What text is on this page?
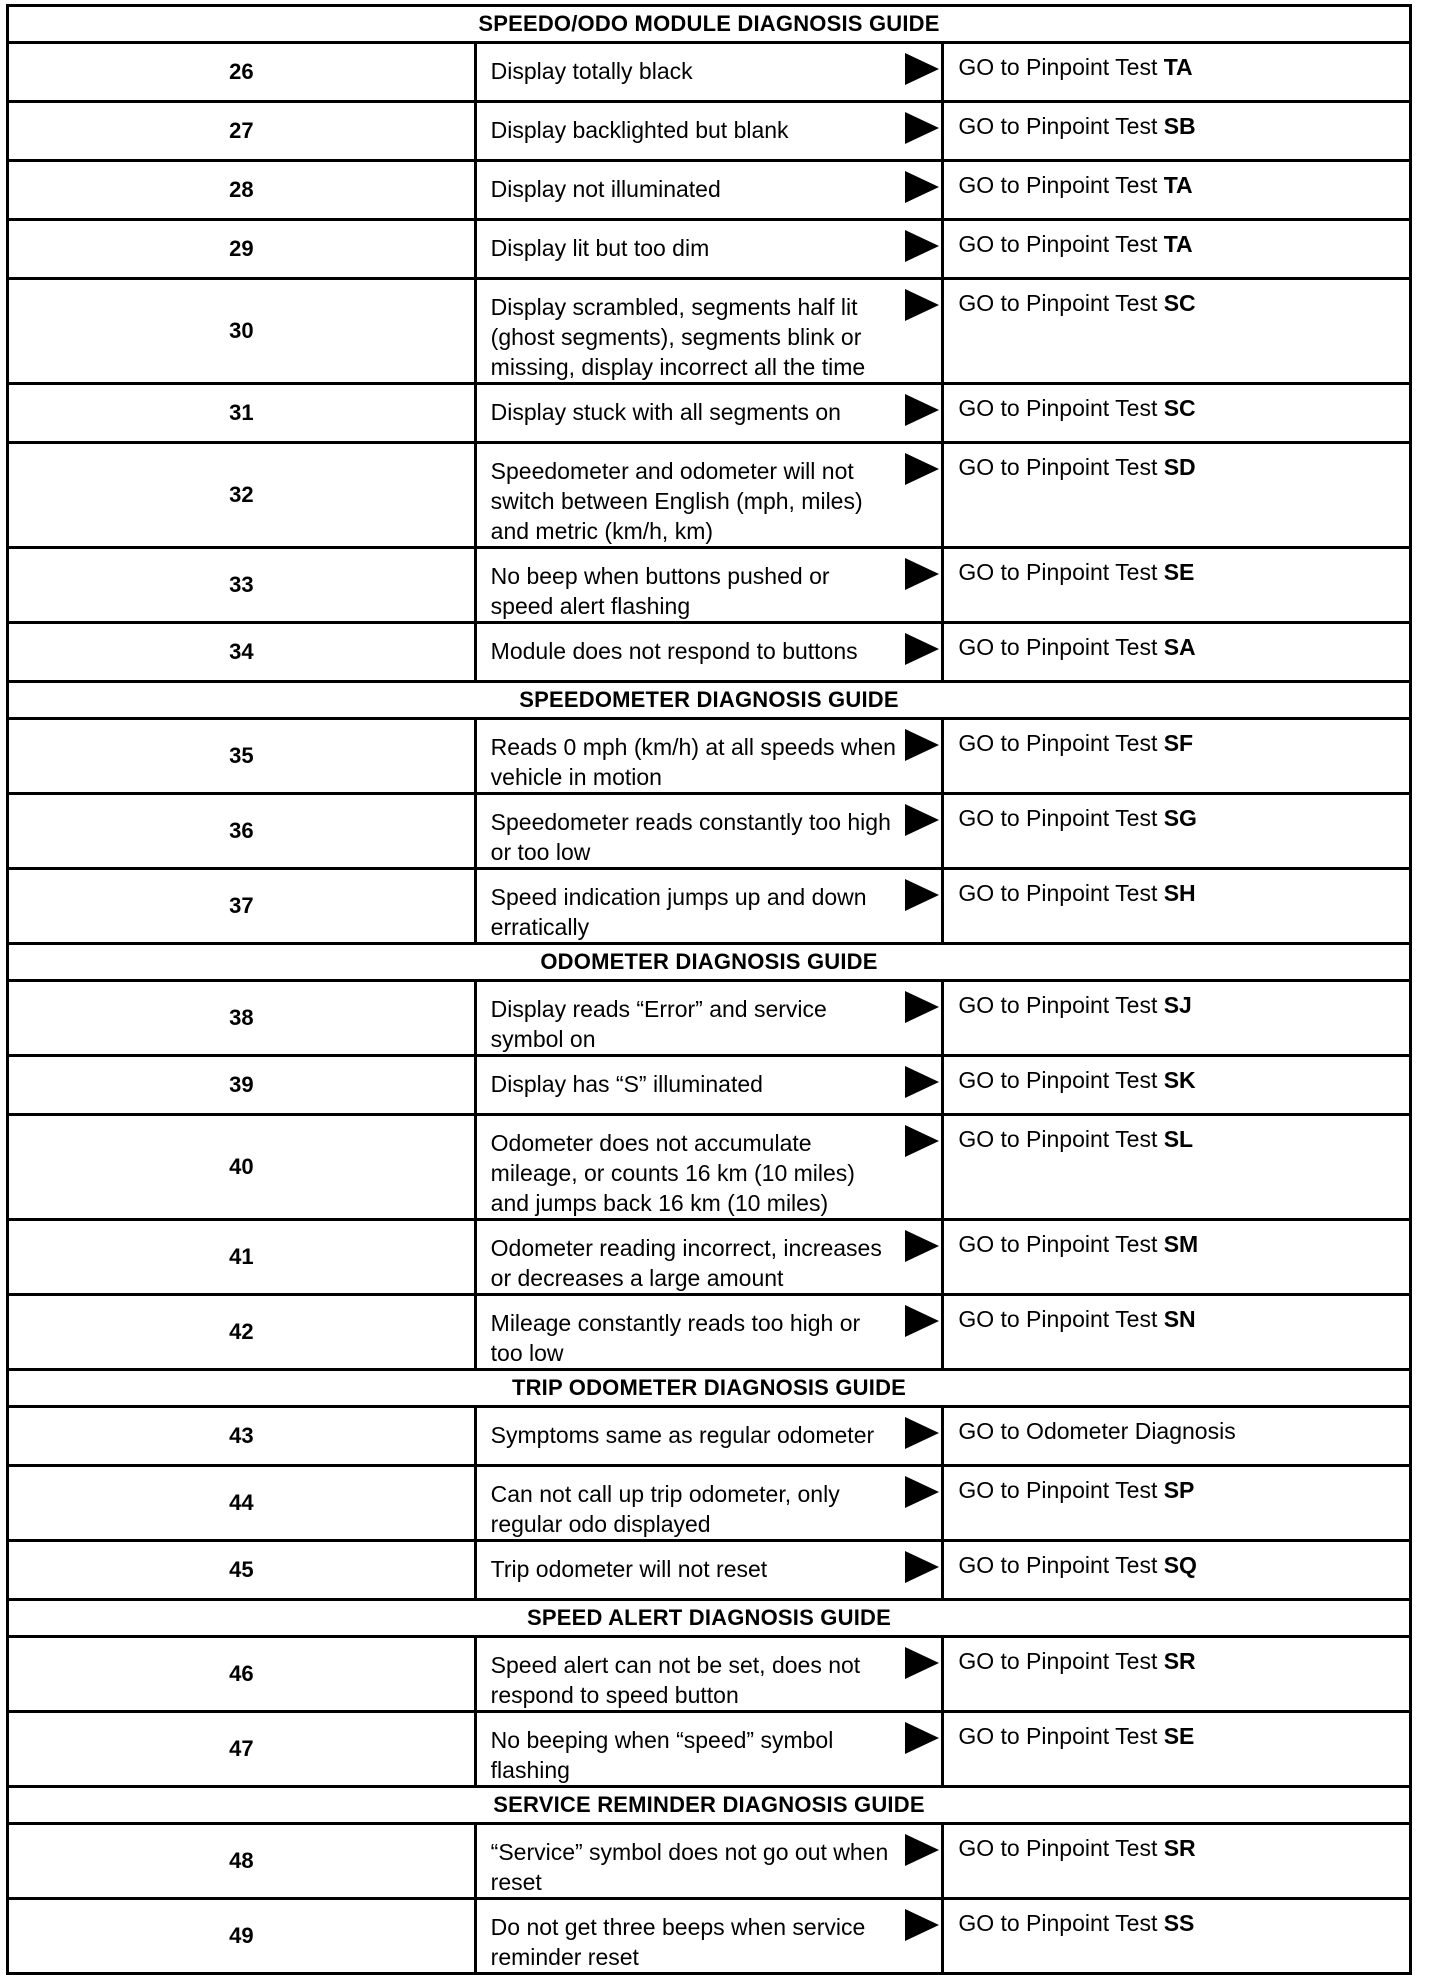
SPEEDO/ODO MODULE DIAGNOSIS GUIDE		
26	Display totally black	GO to Pinpoint Test TA
27	Display backlighted but blank	GO to Pinpoint Test SB
28	Display not illuminated	GO to Pinpoint Test TA
29	Display lit but too dim	GO to Pinpoint Test TA
30	Display scrambled, segments half lit (ghost segments), segments blink or missing, display incorrect all the time	GO to Pinpoint Test SC
31	Display stuck with all segments on	GO to Pinpoint Test SC
32	Speedometer and odometer will not switch between English (mph, miles) and metric (km/h, km)	GO to Pinpoint Test SD
33	No beep when buttons pushed or speed alert flashing	GO to Pinpoint Test SE
34	Module does not respond to buttons	GO to Pinpoint Test SA
SPEEDOMETER DIAGNOSIS GUIDE		
35	Reads 0 mph (km/h) at all speeds when vehicle in motion	GO to Pinpoint Test SF
36	Speedometer reads constantly too high or too low	GO to Pinpoint Test SG
37	Speed indication jumps up and down erratically	GO to Pinpoint Test SH
ODOMETER DIAGNOSIS GUIDE		
38	Display reads “Error” and service symbol on	GO to Pinpoint Test SJ
39	Display has “S” illuminated	GO to Pinpoint Test SK
40	Odometer does not accumulate mileage, or counts 16 km (10 miles) and jumps back 16 km (10 miles)	GO to Pinpoint Test SL
41	Odometer reading incorrect, increases or decreases a large amount	GO to Pinpoint Test SM
42	Mileage constantly reads too high or too low	GO to Pinpoint Test SN
TRIP ODOMETER DIAGNOSIS GUIDE		
43	Symptoms same as regular odometer	GO to Odometer Diagnosis
44	Can not call up trip odometer, only regular odo displayed	GO to Pinpoint Test SP
45	Trip odometer will not reset	GO to Pinpoint Test SQ
SPEED ALERT DIAGNOSIS GUIDE		
46	Speed alert can not be set, does not respond to speed button	GO to Pinpoint Test SR
47	No beeping when “speed” symbol flashing	GO to Pinpoint Test SE
SERVICE REMINDER DIAGNOSIS GUIDE		
48	“Service” symbol does not go out when reset	GO to Pinpoint Test SR
49	Do not get three beeps when service reminder reset	GO to Pinpoint Test SS
